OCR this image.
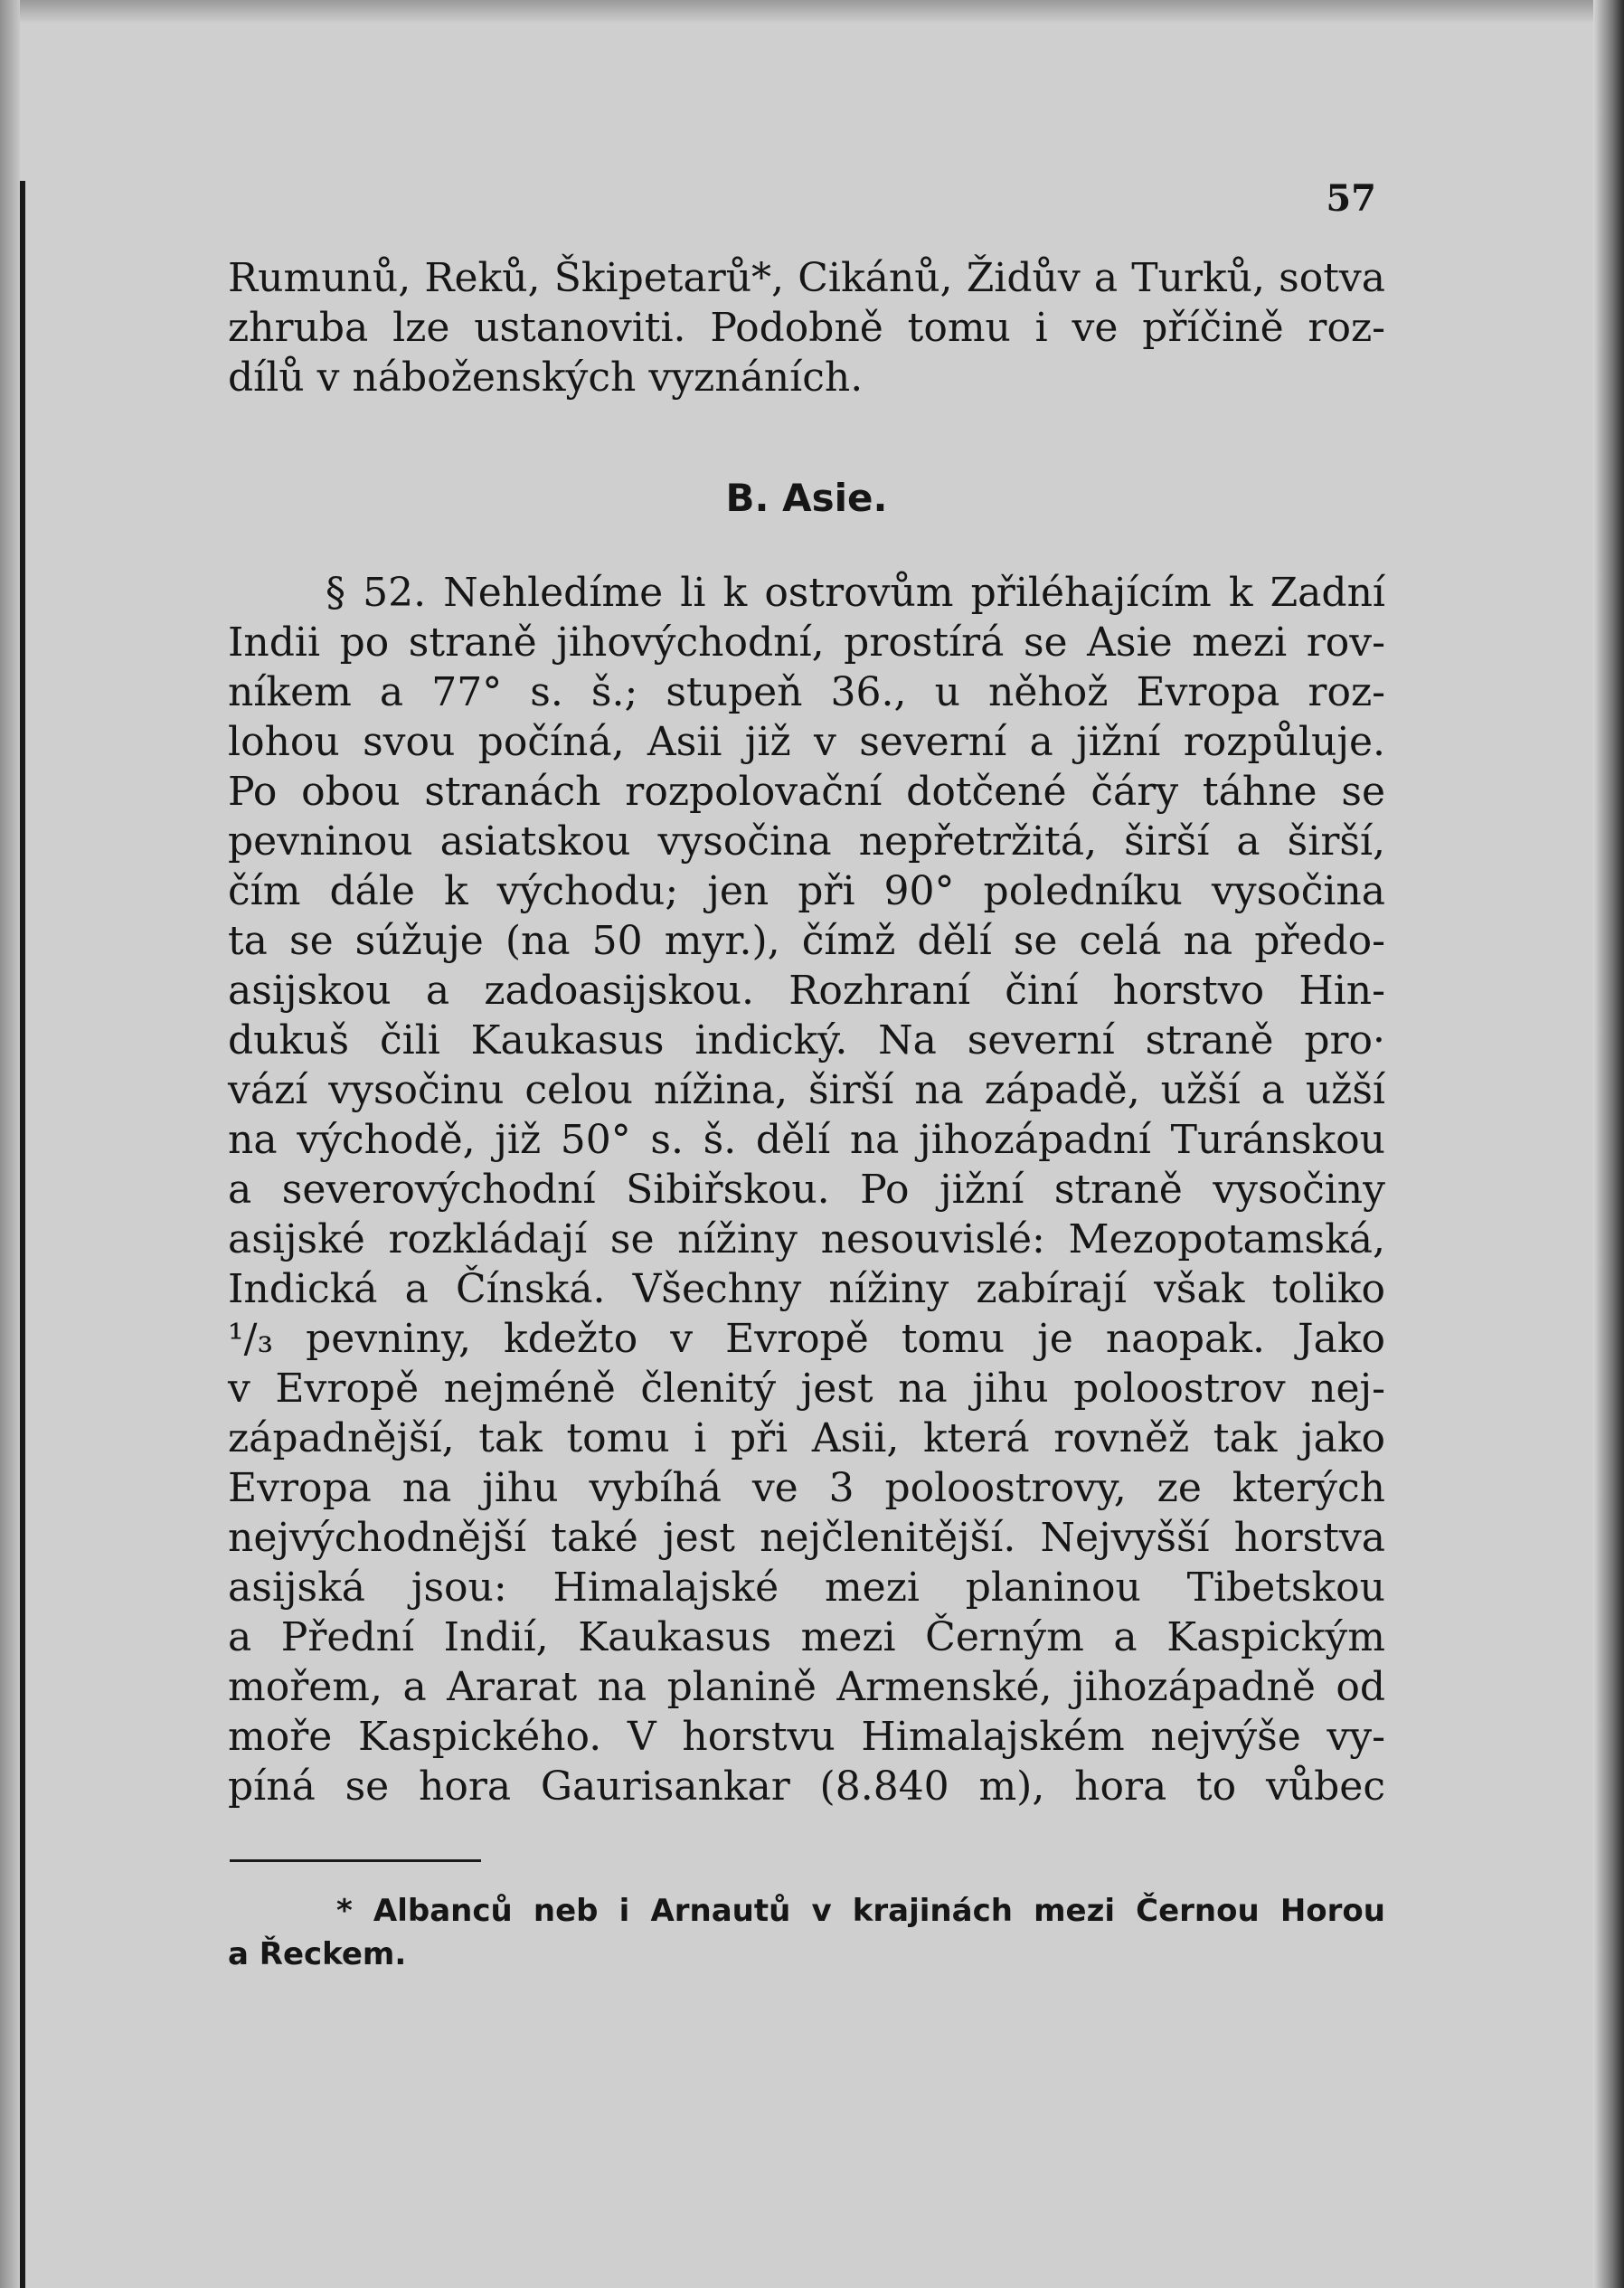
57
Rumunů, Reků, Škipetarů*, Cikánů, Židův a Turků, sotva
zhruba lze ustanoviti. Podobně tomu i ve příčině roz-
dílů v náboženských vyznáních.
B. Asie.
§ 52. Nehledíme li k ostrovům přiléhajícím k Zadní
Indii po straně jihovýchodní, prostírá se Asie mezi rov-
níkem a 77° s. š.; stupeň 36., u něhož Evropa roz-
lohou svou počíná, Asii již v severní a jižní rozpůluje.
Po obou stranách rozpolovační dotčené čáry táhne se
pevninou asiatskou vysočina nepřetržitá, širší a širší,
čím dále k východu; jen při 90° poledníku vysočina
ta se súžuje (na 50 myr.), čímž dělí se celá na předo-
asijskou a zadoasijskou. Rozhraní činí horstvo Hin-
dukuš čili Kaukasus indický. Na severní straně pro·
vází vysočinu celou nížina, širší na západě, užší a užší
na východě, již 50° s. š. dělí na jihozápadní Turánskou
a severovýchodní Sibiřskou. Po jižní straně vysočiny
asijské rozkládají se nížiny nesouvislé: Mezopotamská,
Indická a Čínská. Všechny nížiny zabírají však toliko
¹/₃ pevniny, kdežto v Evropě tomu je naopak. Jako
v Evropě nejméně členitý jest na jihu poloostrov nej-
západnější, tak tomu i při Asii, která rovněž tak jako
Evropa na jihu vybíhá ve 3 poloostrovy, ze kterých
nejvýchodnější také jest nejčlenitější. Nejvyšší horstva
asijská jsou: Himalajské mezi planinou Tibetskou
a Přední Indií, Kaukasus mezi Černým a Kaspickým
mořem, a Ararat na planině Armenské, jihozápadně od
moře Kaspického. V horstvu Himalajském nejvýše vy-
píná se hora Gaurisankar (8.840 m), hora to vůbec
* Albanců neb i Arnautů v krajinách mezi Černou Horou
a Řeckem.
